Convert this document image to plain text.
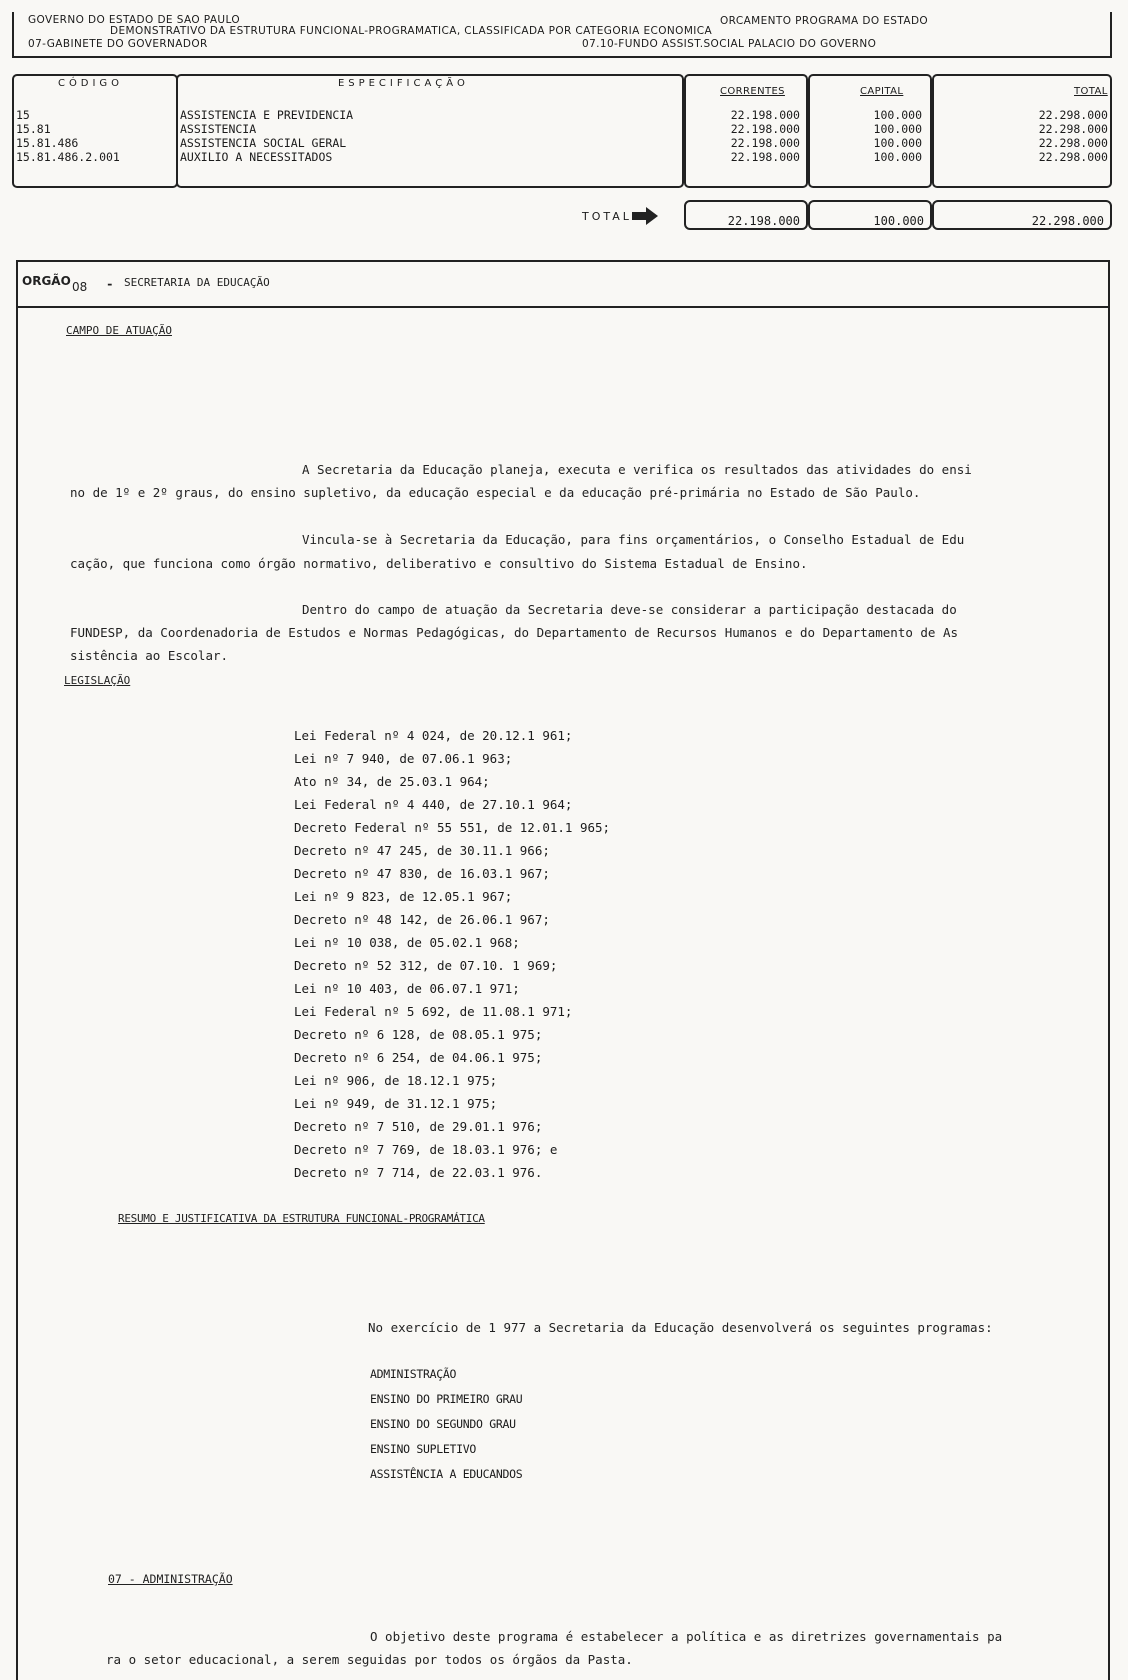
GOVERNO DO ESTADO DE SAO PAULO	ORCAMENTO PROGRAMA DO ESTADO
DEMONSTRATIVO DA ESTRUTURA FUNCIONAL-PROGRAMATICA, CLASSIFICADA POR CATEGORIA ECONOMICA
07-GABINETE DO GOVERNADOR	07.10-FUNDO ASSIST.SOCIAL PALACIO DO GOVERNO
C Ó D I G O	E S P E C I F I C A Ç Ã O
CORRENTES	CAPITAL	TOTAL
15	ASSISTENCIA E PREVIDENCIA	22.198.000	100.000	22.298.000
15.81	ASSISTENCIA	22.198.000	100.000	22.298.000
15.81.486	ASSISTENCIA SOCIAL GERAL	22.198.000	100.000	22.298.000
15.81.486.2.001	AUXILIO A NECESSITADOS	22.198.000	100.000	22.298.000
TOTAL	22.198.000	100.000	22.298.000
ORGÃO 08 - SECRETARIA DA EDUCAÇÃO
CAMPO DE ATUAÇÃO
A Secretaria da Educação planeja, executa e verifica os resultados das atividades do ensi
no de 1º e 2º graus, do ensino supletivo, da educação especial e da educação pré-primária no Estado de São Paulo.
Vincula-se à Secretaria da Educação, para fins orçamentários, o Conselho Estadual de Edu
cação, que funciona como órgão normativo, deliberativo e consultivo do Sistema Estadual de Ensino.
Dentro do campo de atuação da Secretaria deve-se considerar a participação destacada do
FUNDESP, da Coordenadoria de Estudos e Normas Pedagógicas, do Departamento de Recursos Humanos e do Departamento de As
sistência ao Escolar.
LEGISLAÇÃO
Lei Federal nº 4 024, de 20.12.1 961;
Lei nº 7 940, de 07.06.1 963;
Ato nº 34, de 25.03.1 964;
Lei Federal nº 4 440, de 27.10.1 964;
Decreto Federal nº 55 551, de 12.01.1 965;
Decreto nº 47 245, de 30.11.1 966;
Decreto nº 47 830, de 16.03.1 967;
Lei nº 9 823, de 12.05.1 967;
Decreto nº 48 142, de 26.06.1 967;
Lei nº 10 038, de 05.02.1 968;
Decreto nº 52 312, de 07.10. 1 969;
Lei nº 10 403, de 06.07.1 971;
Lei Federal nº 5 692, de 11.08.1 971;
Decreto nº 6 128, de 08.05.1 975;
Decreto nº 6 254, de 04.06.1 975;
Lei nº 906, de 18.12.1 975;
Lei nº 949, de 31.12.1 975;
Decreto nº 7 510, de 29.01.1 976;
Decreto nº 7 769, de 18.03.1 976; e
Decreto nº 7 714, de 22.03.1 976.
RESUMO E JUSTIFICATIVA DA ESTRUTURA FUNCIONAL-PROGRAMÁTICA
No exercício de 1 977 a Secretaria da Educação desenvolverá os seguintes programas:
ADMINISTRAÇÃO
ENSINO DO PRIMEIRO GRAU
ENSINO DO SEGUNDO GRAU
ENSINO SUPLETIVO
ASSISTÊNCIA A EDUCANDOS
07 - ADMINISTRAÇÃO
O objetivo deste programa é estabelecer a política e as diretrizes governamentais pa
ra o setor educacional, a serem seguidas por todos os órgãos da Pasta.
